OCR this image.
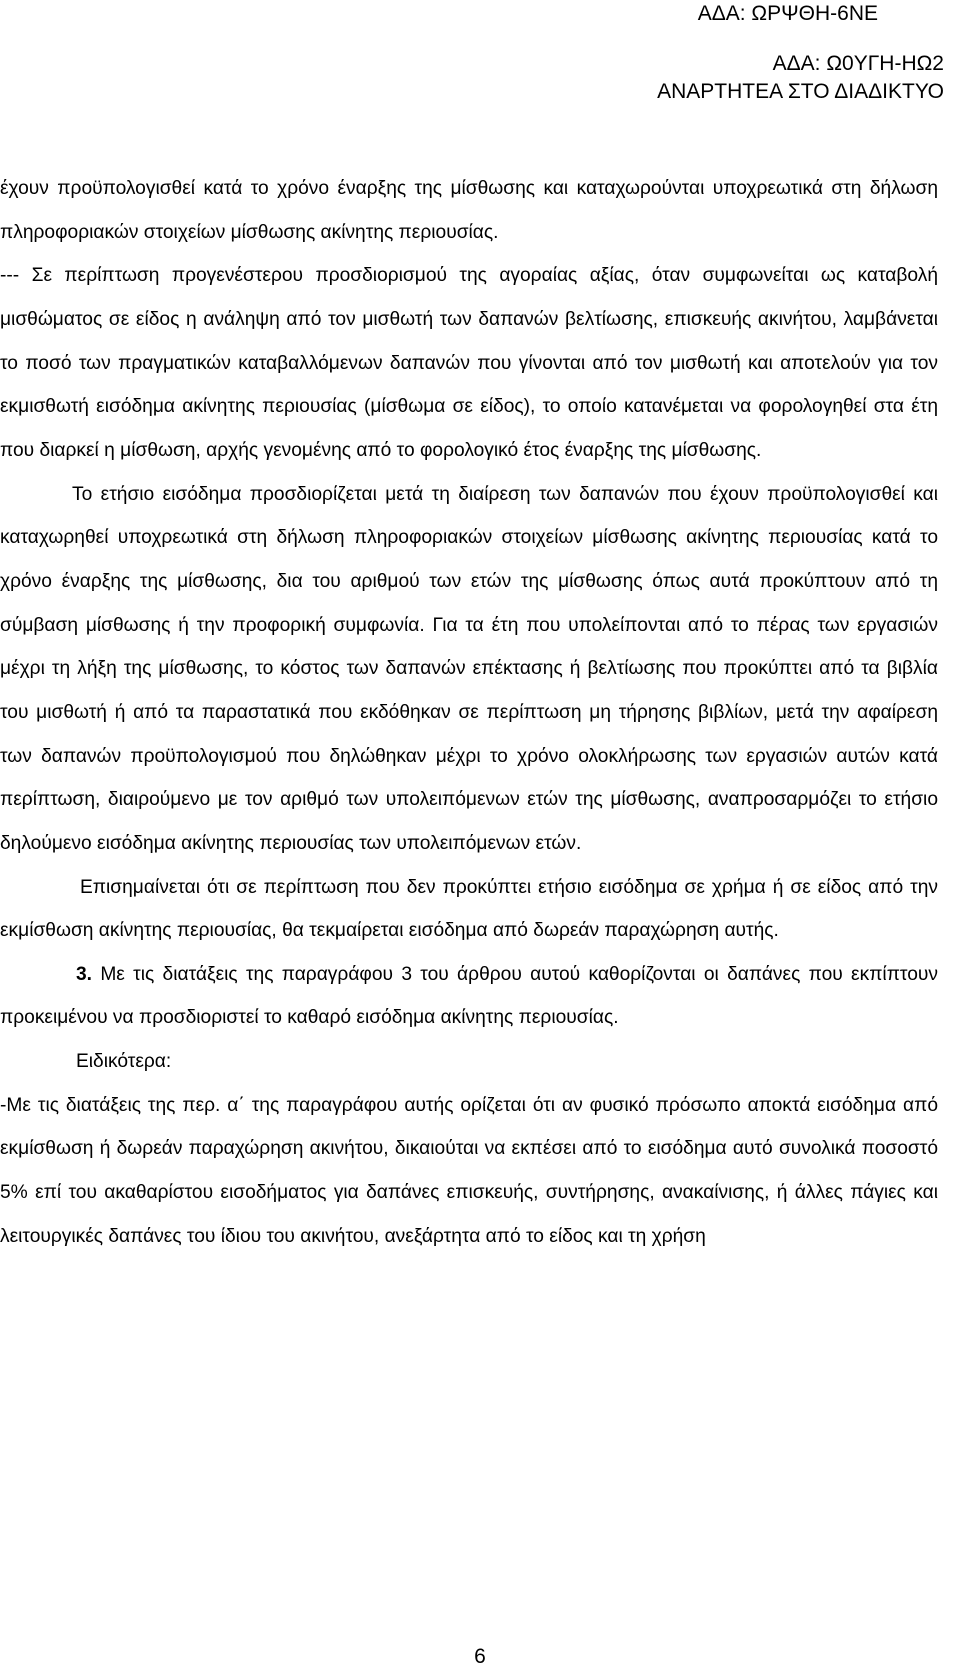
ΑΔΑ: ΩΡΨΘΗ-6ΝΕ
ΑΔΑ: Ω0ΥΓΗ-ΗΩ2
ΑΝΑΡΤΗΤΕΑ ΣΤΟ ΔΙΑΔΙΚΤΥΟ

έχουν προϋπολογισθεί κατά το χρόνο έναρξης της μίσθωσης και καταχωρούνται υποχρεωτικά στη δήλωση πληροφοριακών στοιχείων μίσθωσης ακίνητης περιουσίας.

--- Σε περίπτωση προγενέστερου προσδιορισμού της αγοραίας αξίας, όταν συμφωνείται ως καταβολή μισθώματος σε είδος η ανάληψη από τον μισθωτή των δαπανών βελτίωσης, επισκευής ακινήτου, λαμβάνεται το ποσό των πραγματικών καταβαλλόμενων δαπανών που γίνονται από τον μισθωτή και αποτελούν για τον εκμισθωτή εισόδημα ακίνητης περιουσίας (μίσθωμα σε είδος), το οποίο κατανέμεται να φορολογηθεί στα έτη που διαρκεί η μίσθωση, αρχής γενομένης από το φορολογικό έτος έναρξης της μίσθωσης.

Το ετήσιο εισόδημα προσδιορίζεται μετά τη διαίρεση των δαπανών που έχουν προϋπολογισθεί και καταχωρηθεί υποχρεωτικά στη δήλωση πληροφοριακών στοιχείων μίσθωσης ακίνητης περιουσίας κατά το χρόνο έναρξης της μίσθωσης, δια του αριθμού των ετών της μίσθωσης όπως αυτά προκύπτουν από τη σύμβαση μίσθωσης ή την προφορική συμφωνία. Για τα έτη που υπολείπονται από το πέρας των εργασιών μέχρι τη λήξη της μίσθωσης, το κόστος των δαπανών επέκτασης ή βελτίωσης που προκύπτει από τα βιβλία του μισθωτή ή από τα παραστατικά που εκδόθηκαν σε περίπτωση μη τήρησης βιβλίων, μετά την αφαίρεση των δαπανών προϋπολογισμού που δηλώθηκαν μέχρι το χρόνο ολοκλήρωσης των εργασιών αυτών κατά περίπτωση, διαιρούμενο με τον αριθμό των υπολειπόμενων ετών της μίσθωσης, αναπροσαρμόζει το ετήσιο δηλούμενο εισόδημα ακίνητης περιουσίας των υπολειπόμενων ετών.

Επισημαίνεται ότι σε περίπτωση που δεν προκύπτει ετήσιο εισόδημα σε χρήμα ή σε είδος από την εκμίσθωση ακίνητης περιουσίας, θα τεκμαίρεται εισόδημα από δωρεάν παραχώρηση αυτής.

3. Με τις διατάξεις της παραγράφου 3 του άρθρου αυτού καθορίζονται οι δαπάνες που εκπίπτουν προκειμένου να προσδιοριστεί το καθαρό εισόδημα ακίνητης περιουσίας.

Ειδικότερα:

-Με τις διατάξεις της περ. α΄ της παραγράφου αυτής ορίζεται ότι αν φυσικό πρόσωπο αποκτά εισόδημα από εκμίσθωση ή δωρεάν παραχώρηση ακινήτου, δικαιούται να εκπέσει από το εισόδημα αυτό συνολικά ποσοστό 5% επί του ακαθαρίστου εισοδήματος για δαπάνες επισκευής, συντήρησης, ανακαίνισης, ή άλλες πάγιες και λειτουργικές δαπάνες του ίδιου του ακινήτου, ανεξάρτητα από το είδος και τη χρήση

6
